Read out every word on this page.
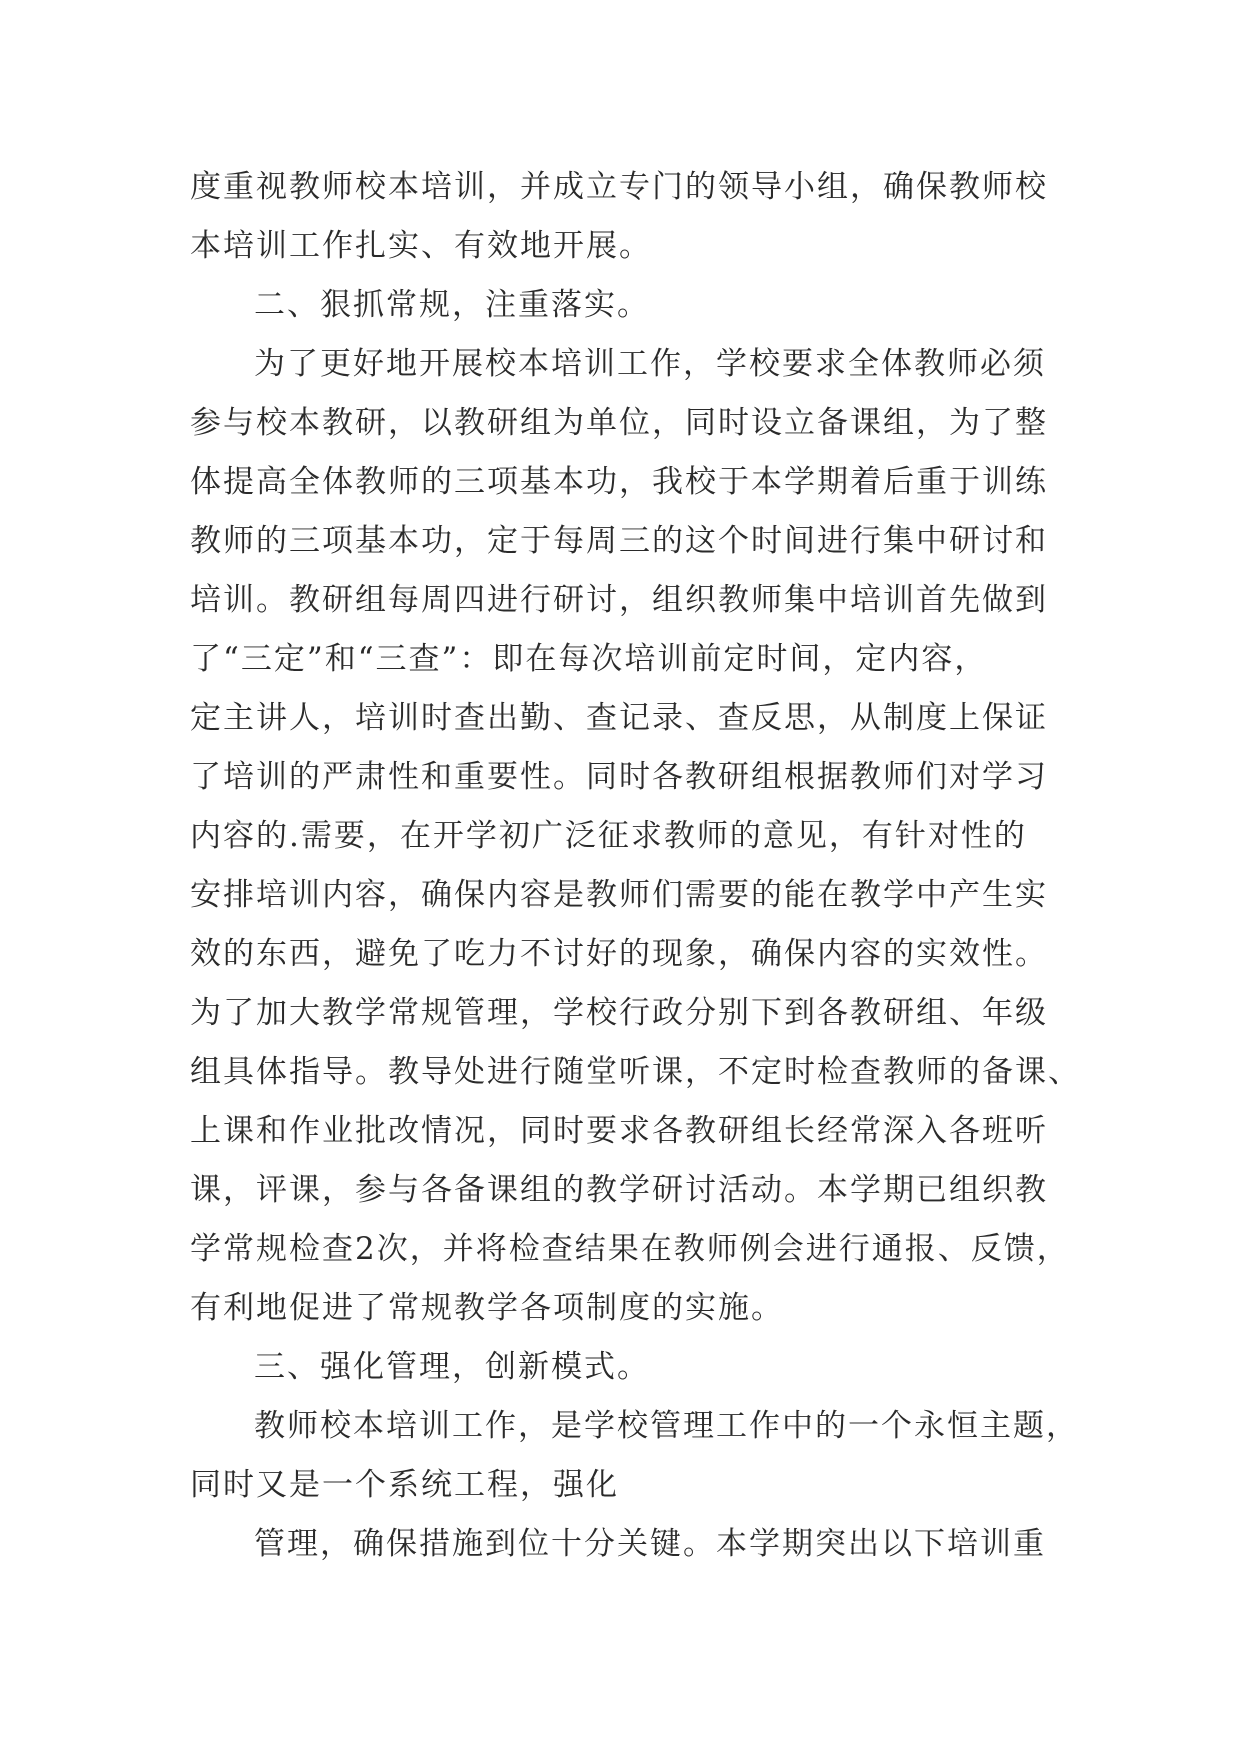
度重视教师校本培训，并成立专门的领导小组，确保教师校
本培训工作扎实、有效地开展。
二、狠抓常规，注重落实。
为了更好地开展校本培训工作，学校要求全体教师必须
参与校本教研，以教研组为单位，同时设立备课组，为了整
体提高全体教师的三项基本功，我校于本学期着后重于训练
教师的三项基本功，定于每周三的这个时间进行集中研讨和
培训。教研组每周四进行研讨，组织教师集中培训首先做到
了“三定”和“三查”：即在每次培训前定时间，定内容，
定主讲人，培训时查出勤、查记录、查反思，从制度上保证
了培训的严肃性和重要性。同时各教研组根据教师们对学习
内容的.需要，在开学初广泛征求教师的意见，有针对性的
安排培训内容，确保内容是教师们需要的能在教学中产生实
效的东西，避免了吃力不讨好的现象，确保内容的实效性。
为了加大教学常规管理，学校行政分别下到各教研组、年级
组具体指导。教导处进行随堂听课，不定时检查教师的备课、
上课和作业批改情况，同时要求各教研组长经常深入各班听
课，评课，参与各备课组的教学研讨活动。本学期已组织教
学常规检查2次，并将检查结果在教师例会进行通报、反馈，
有利地促进了常规教学各项制度的实施。
三、强化管理，创新模式。
教师校本培训工作，是学校管理工作中的一个永恒主题，
同时又是一个系统工程，强化
管理，确保措施到位十分关键。本学期突出以下培训重
